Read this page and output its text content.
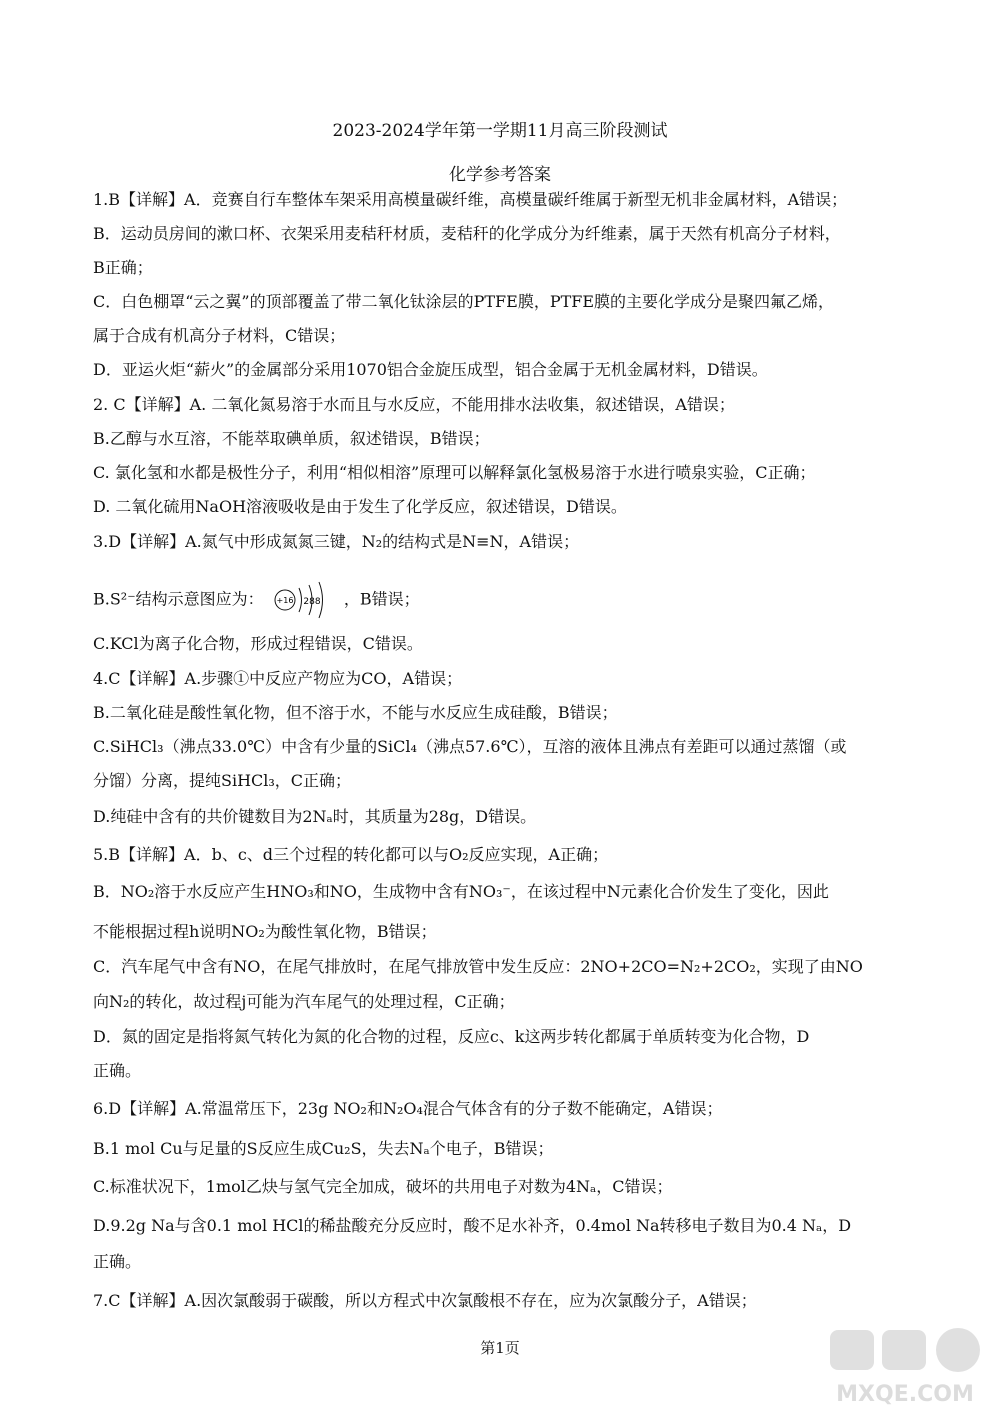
2023-2024学年第一学期11月高三阶段测试
化学参考答案
1.B【详解】A．竞赛自行车整体车架采用高模量碳纤维，高模量碳纤维属于新型无机非金属材料，A错误；
B．运动员房间的漱口杯、衣架采用麦秸秆材质，麦秸秆的化学成分为纤维素，属于天然有机高分子材料，
B正确；
C．白色棚罩“云之翼”的顶部覆盖了带二氧化钛涂层的PTFE膜，PTFE膜的主要化学成分是聚四氟乙烯，
属于合成有机高分子材料，C错误；
D．亚运火炬“薪火”的金属部分采用1070铝合金旋压成型，铝合金属于无机金属材料，D错误。
2. C【详解】A. 二氧化氮易溶于水而且与水反应，不能用排水法收集，叙述错误，A错误；
B.乙醇与水互溶，不能萃取碘单质，叙述错误，B错误；
C. 氯化氢和水都是极性分子，利用“相似相溶”原理可以解释氯化氢极易溶于水进行喷泉实验，C正确；
D. 二氧化硫用NaOH溶液吸收是由于发生了化学反应，叙述错误，D错误。
3.D【详解】A.氮气中形成氮氮三键，N₂的结构式是N≡N，A错误；
B.S²⁻结构示意图应为： +16 288 ，B错误；
C.KCl为离子化合物，形成过程错误，C错误。
4.C【详解】A.步骤①中反应产物应为CO，A错误；
B.二氧化硅是酸性氧化物，但不溶于水，不能与水反应生成硅酸，B错误；
C.SiHCl₃（沸点33.0℃）中含有少量的SiCl₄（沸点57.6℃），互溶的液体且沸点有差距可以通过蒸馏（或
分馏）分离，提纯SiHCl₃，C正确；
D.纯硅中含有的共价键数目为2Nₐ时，其质量为28g，D错误。
5.B【详解】A．b、c、d三个过程的转化都可以与O₂反应实现，A正确；
B．NO₂溶于水反应产生HNO₃和NO，生成物中含有NO₃⁻，在该过程中N元素化合价发生了变化，因此
不能根据过程h说明NO₂为酸性氧化物，B错误；
C．汽车尾气中含有NO，在尾气排放时，在尾气排放管中发生反应：2NO+2CO=N₂+2CO₂，实现了由NO
向N₂的转化，故过程j可能为汽车尾气的处理过程，C正确；
D．氮的固定是指将氮气转化为氮的化合物的过程，反应c、k这两步转化都属于单质转变为化合物，D
正确。
6.D【详解】A.常温常压下，23g NO₂和N₂O₄混合气体含有的分子数不能确定，A错误；
B.1 mol Cu与足量的S反应生成Cu₂S，失去Nₐ个电子，B错误；
C.标准状况下，1mol乙炔与氢气完全加成，破坏的共用电子对数为4Nₐ，C错误；
D.9.2g Na与含0.1 mol HCl的稀盐酸充分反应时，酸不足水补齐，0.4mol Na转移电子数目为0.4 Nₐ，D
正确。
7.C【详解】A.因次氯酸弱于碳酸，所以方程式中次氯酸根不存在，应为次氯酸分子，A错误；
第1页
MXQE.COM
